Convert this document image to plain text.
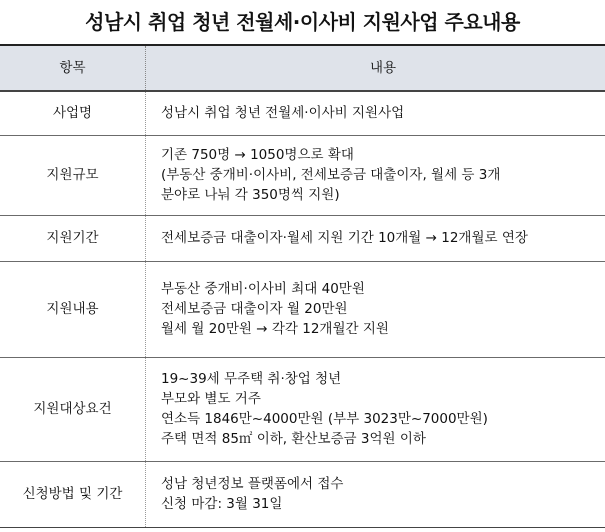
성남시 취업 청년 전월세·이사비 지원사업 주요내용
항목	내용
사업명	성남시 취업 청년 전월세·이사비 지원사업

지원규모	기존 750명 → 1050명으로 확대
(부동산 중개비·이사비, 전세보증금 대출이자, 월세 등 3개
분야로 나눠 각 350명씩 지원)

지원기간	전세보증금 대출이자·월세 지원 기간 10개월 → 12개월로 연장

지원내용	부동산 중개비·이사비 최대 40만원
전세보증금 대출이자 월 20만원
월세 월 20만원 → 각각 12개월간 지원

지원대상요건	19~39세 무주택 취·창업 청년
부모와 별도 거주
연소득 1846만~4000만원 (부부 3023만~7000만원)
주택 면적 85㎡ 이하, 환산보증금 3억원 이하

신청방법 및 기간	성남 청년정보 플랫폼에서 접수
신청 마감: 3월 31일
